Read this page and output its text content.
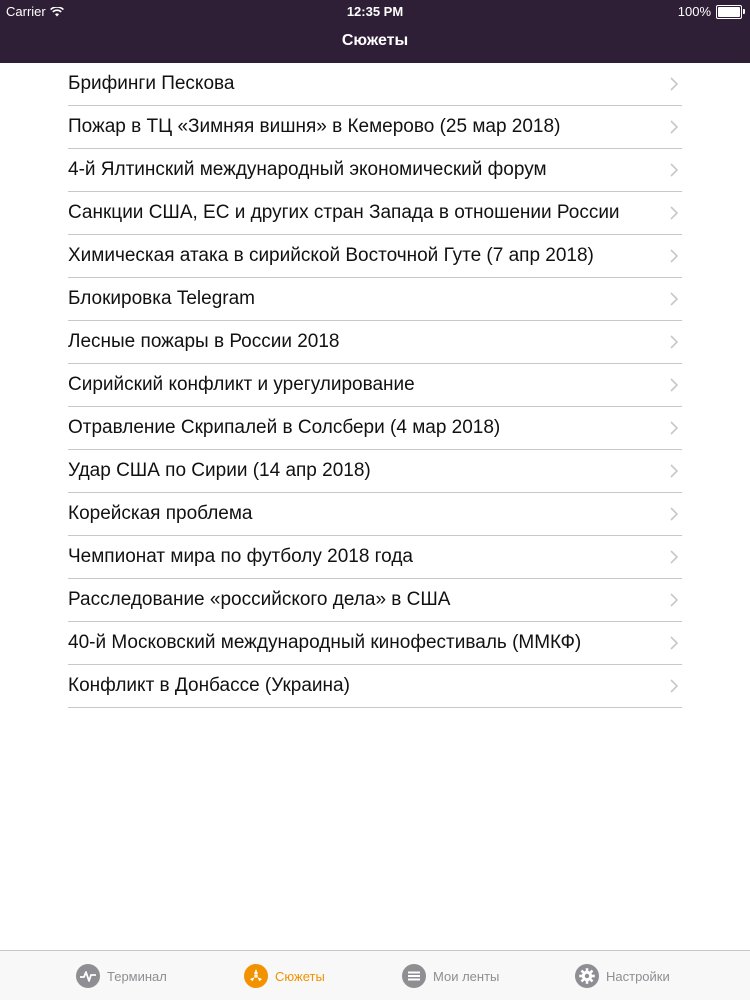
Carrier	12:35 PM	100%
Сюжеты
Брифинги Пескова
Пожар в ТЦ «Зимняя вишня» в Кемерово (25 мар 2018)
4-й Ялтинский международный экономический форум
Санкции США, ЕС и других стран Запада в отношении России
Химическая атака в сирийской Восточной Гуте (7 апр 2018)
Блокировка Telegram
Лесные пожары в России 2018
Сирийский конфликт и урегулирование
Отравление Скрипалей в Солсбери (4 мар 2018)
Удар США по Сирии (14 апр 2018)
Корейская проблема
Чемпионат мира по футболу 2018 года
Расследование «российского дела» в США
40-й Московский международный кинофестиваль (ММКФ)
Конфликт в Донбассе (Украина)
Терминал	Сюжеты	Мои ленты	Настройки
